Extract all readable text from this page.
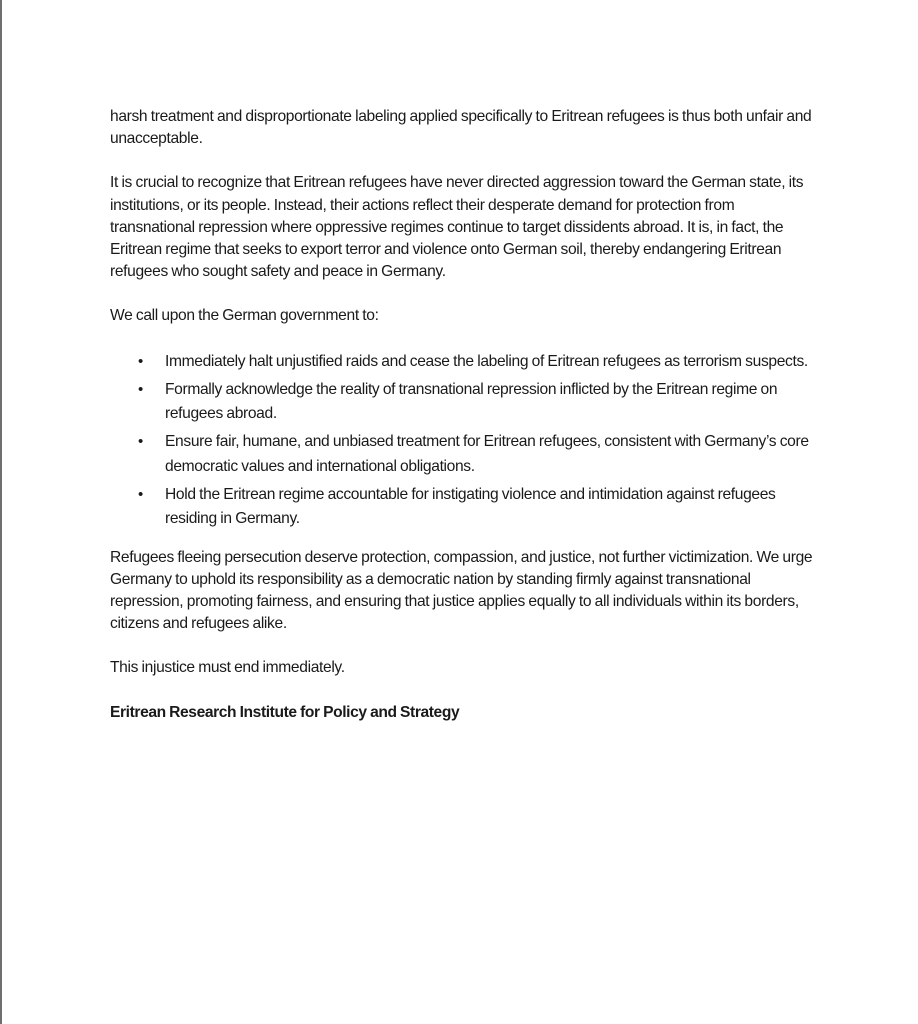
harsh treatment and disproportionate labeling applied specifically to Eritrean refugees is thus both unfair and unacceptable.

It is crucial to recognize that Eritrean refugees have never directed aggression toward the German state, its institutions, or its people. Instead, their actions reflect their desperate demand for protection from transnational repression where oppressive regimes continue to target dissidents abroad. It is, in fact, the Eritrean regime that seeks to export terror and violence onto German soil, thereby endangering Eritrean refugees who sought safety and peace in Germany.

We call upon the German government to:

• Immediately halt unjustified raids and cease the labeling of Eritrean refugees as terrorism suspects.
• Formally acknowledge the reality of transnational repression inflicted by the Eritrean regime on refugees abroad.
• Ensure fair, humane, and unbiased treatment for Eritrean refugees, consistent with Germany’s core democratic values and international obligations.
• Hold the Eritrean regime accountable for instigating violence and intimidation against refugees residing in Germany.

Refugees fleeing persecution deserve protection, compassion, and justice, not further victimization. We urge Germany to uphold its responsibility as a democratic nation by standing firmly against transnational repression, promoting fairness, and ensuring that justice applies equally to all individuals within its borders, citizens and refugees alike.

This injustice must end immediately.

Eritrean Research Institute for Policy and Strategy
